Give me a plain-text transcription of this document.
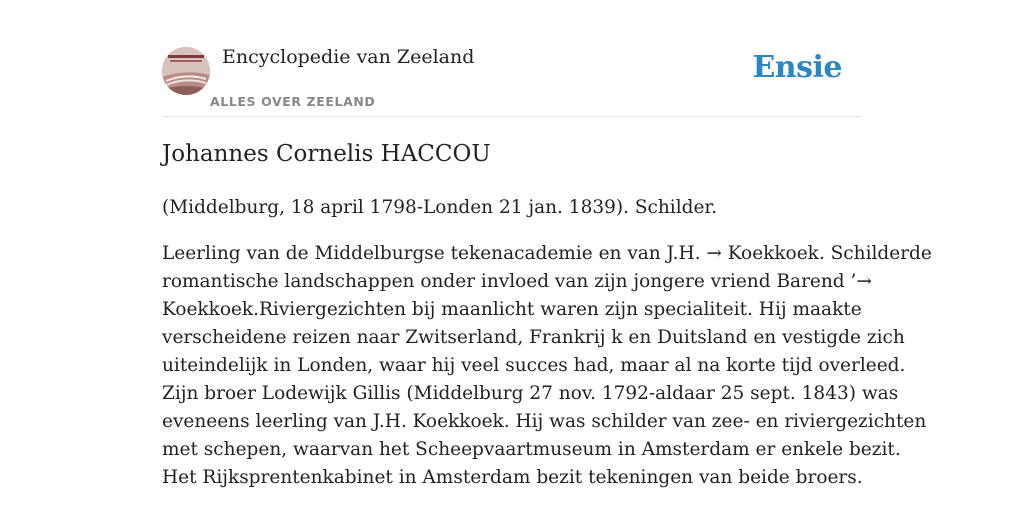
Encyclopedie van Zeeland
ALLES OVER ZEELAND
Ensie
Johannes Cornelis HACCOU

(Middelburg, 18 april 1798-Londen 21 jan. 1839). Schilder.

Leerling van de Middelburgse tekenacademie en van J.H. → Koekkoek. Schilderde
romantische landschappen onder invloed van zijn jongere vriend Barend ’→
Koekkoek.Riviergezichten bij maanlicht waren zijn specialiteit. Hij maakte
verscheidene reizen naar Zwitserland, Frankrij k en Duitsland en vestigde zich
uiteindelijk in Londen, waar hij veel succes had, maar al na korte tijd overleed.
Zijn broer Lodewijk Gillis (Middelburg 27 nov. 1792-aldaar 25 sept. 1843) was
eveneens leerling van J.H. Koekkoek. Hij was schilder van zee- en riviergezichten
met schepen, waarvan het Scheepvaartmuseum in Amsterdam er enkele bezit.
Het Rijksprentenkabinet in Amsterdam bezit tekeningen van beide broers.
